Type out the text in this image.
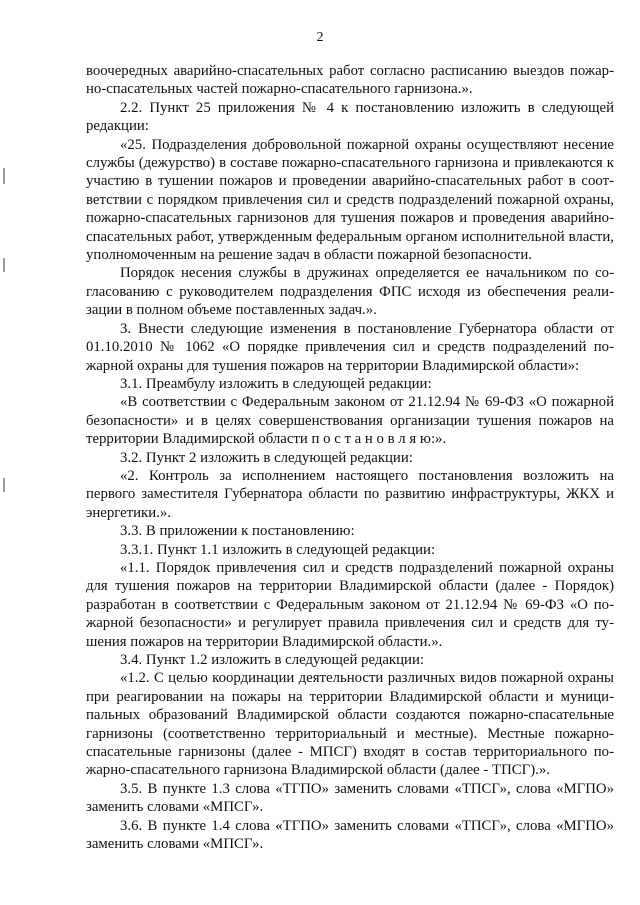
2

воочередных аварийно-спасательных работ согласно расписанию выездов пожарно-спасательных частей пожарно-спасательного гарнизона.».

2.2. Пункт 25 приложения № 4 к постановлению изложить в следующей редакции:

«25. Подразделения добровольной пожарной охраны осуществляют несение службы (дежурство) в составе пожарно-спасательного гарнизона и привлекаются к участию в тушении пожаров и проведении аварийно-спасательных работ в соответствии с порядком привлечения сил и средств подразделений пожарной охраны, пожарно-спасательных гарнизонов для тушения пожаров и проведения аварийно-спасательных работ, утвержденным федеральным органом исполнительной власти, уполномоченным на решение задач в области пожарной безопасности.

Порядок несения службы в дружинах определяется ее начальником по согласованию с руководителем подразделения ФПС исходя из обеспечения реализации в полном объеме поставленных задач.».

3. Внести следующие изменения в постановление Губернатора области от 01.10.2010 № 1062 «О порядке привлечения сил и средств подразделений пожарной охраны для тушения пожаров на территории Владимирской области»:

3.1. Преамбулу изложить в следующей редакции:

«В соответствии с Федеральным законом от 21.12.94 № 69-ФЗ «О пожарной безопасности» и в целях совершенствования организации тушения пожаров на территории Владимирской области п о с т а н о в л я ю:».

3.2. Пункт 2 изложить в следующей редакции:

«2. Контроль за исполнением настоящего постановления возложить на первого заместителя Губернатора области по развитию инфраструктуры, ЖКХ и энергетики.».

3.3. В приложении к постановлению:

3.3.1. Пункт 1.1 изложить в следующей редакции:

«1.1. Порядок привлечения сил и средств подразделений пожарной охраны для тушения пожаров на территории Владимирской области (далее - Порядок) разработан в соответствии с Федеральным законом от 21.12.94 № 69-ФЗ «О пожарной безопасности» и регулирует правила привлечения сил и средств для тушения пожаров на территории Владимирской области.».

3.4. Пункт 1.2 изложить в следующей редакции:

«1.2. С целью координации деятельности различных видов пожарной охраны при реагировании на пожары на территории Владимирской области и муниципальных образований Владимирской области создаются пожарно-спасательные гарнизоны (соответственно территориальный и местные). Местные пожарно-спасательные гарнизоны (далее - МПСГ) входят в состав территориального пожарно-спасательного гарнизона Владимирской области (далее - ТПСГ).».

3.5. В пункте 1.3 слова «ТГПО» заменить словами «ТПСГ», слова «МГПО» заменить словами «МПСГ».

3.6. В пункте 1.4 слова «ТГПО» заменить словами «ТПСГ», слова «МГПО» заменить словами «МПСГ».
